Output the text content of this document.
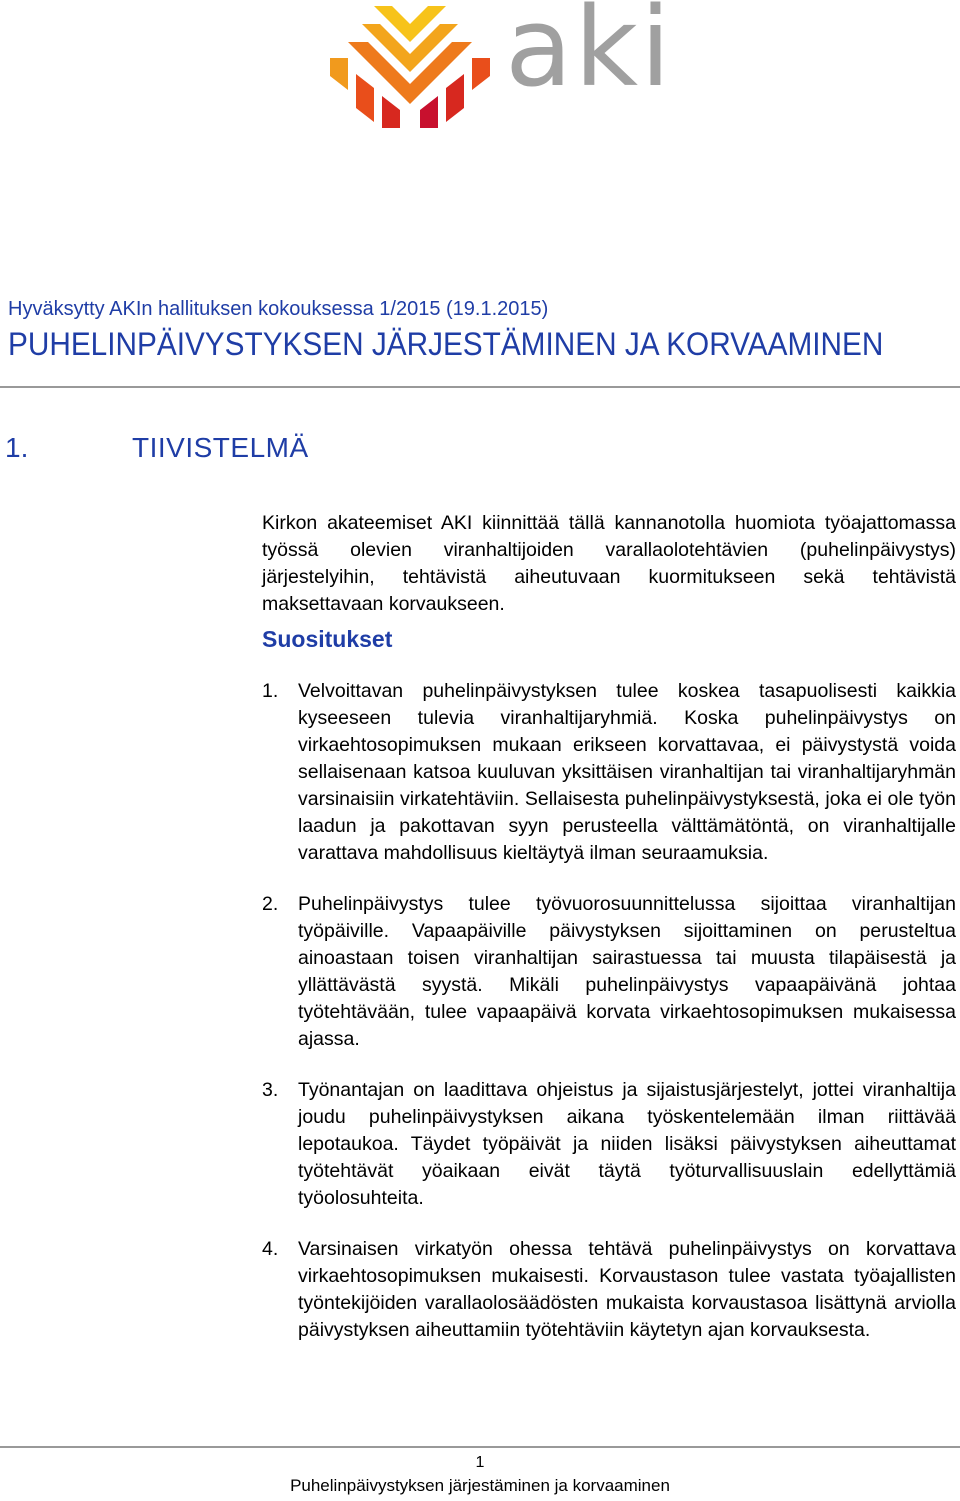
aki
Hyväksytty AKIn hallituksen kokouksessa 1/2015 (19.1.2015)
PUHELINPÄIVYSTYKSEN JÄRJESTÄMINEN JA KORVAAMINEN
1.	TIIVISTELMÄ

Kirkon akateemiset AKI kiinnittää tällä kannanotolla huomiota työajattomassa työssä olevien viranhaltijoiden varallaolotehtävien (puhelinpäivystys) järjestelyihin, tehtävistä aiheutuvaan kuormitukseen sekä tehtävistä maksettavaan korvaukseen.

Suositukset
1. Velvoittavan puhelinpäivystyksen tulee koskea tasapuolisesti kaikkia kyseeseen tulevia viranhaltijaryhmiä. Koska puhelinpäivystys on virkaehtosopimuksen mukaan erikseen korvattavaa, ei päivystystä voida sellaisenaan katsoa kuuluvan yksittäisen viranhaltijan tai viranhaltijaryhmän varsinaisiin virkatehtäviin. Sellaisesta puhelinpäivystyksestä, joka ei ole työn laadun ja pakottavan syyn perusteella välttämätöntä, on viranhaltijalle varattava mahdollisuus kieltäytyä ilman seuraamuksia.
2. Puhelinpäivystys tulee työvuorosuunnittelussa sijoittaa viranhaltijan työpäiville. Vapaapäiville päivystyksen sijoittaminen on perusteltua ainoastaan toisen viranhaltijan sairastuessa tai muusta tilapäisestä ja yllättävästä syystä. Mikäli puhelinpäivystys vapaapäivänä johtaa työtehtävään, tulee vapaapäivä korvata virkaehtosopimuksen mukaisessa ajassa.
3. Työnantajan on laadittava ohjeistus ja sijaistusjärjestelyt, jottei viranhaltija joudu puhelinpäivystyksen aikana työskentelemään ilman riittävää lepotaukoa. Täydet työpäivät ja niiden lisäksi päivystyksen aiheuttamat työtehtävät yöaikaan eivät täytä työturvallisuuslain edellyttämiä työolosuhteita.
4. Varsinaisen virkatyön ohessa tehtävä puhelinpäivystys on korvattava virkaehtosopimuksen mukaisesti. Korvaustason tulee vastata työajallisten työntekijöiden varallaolosäädösten mukaista korvaustasoa lisättynä arviolla päivystyksen aiheuttamiin työtehtäviin käytetyn ajan korvauksesta.
1
Puhelinpäivystyksen järjestäminen ja korvaaminen
